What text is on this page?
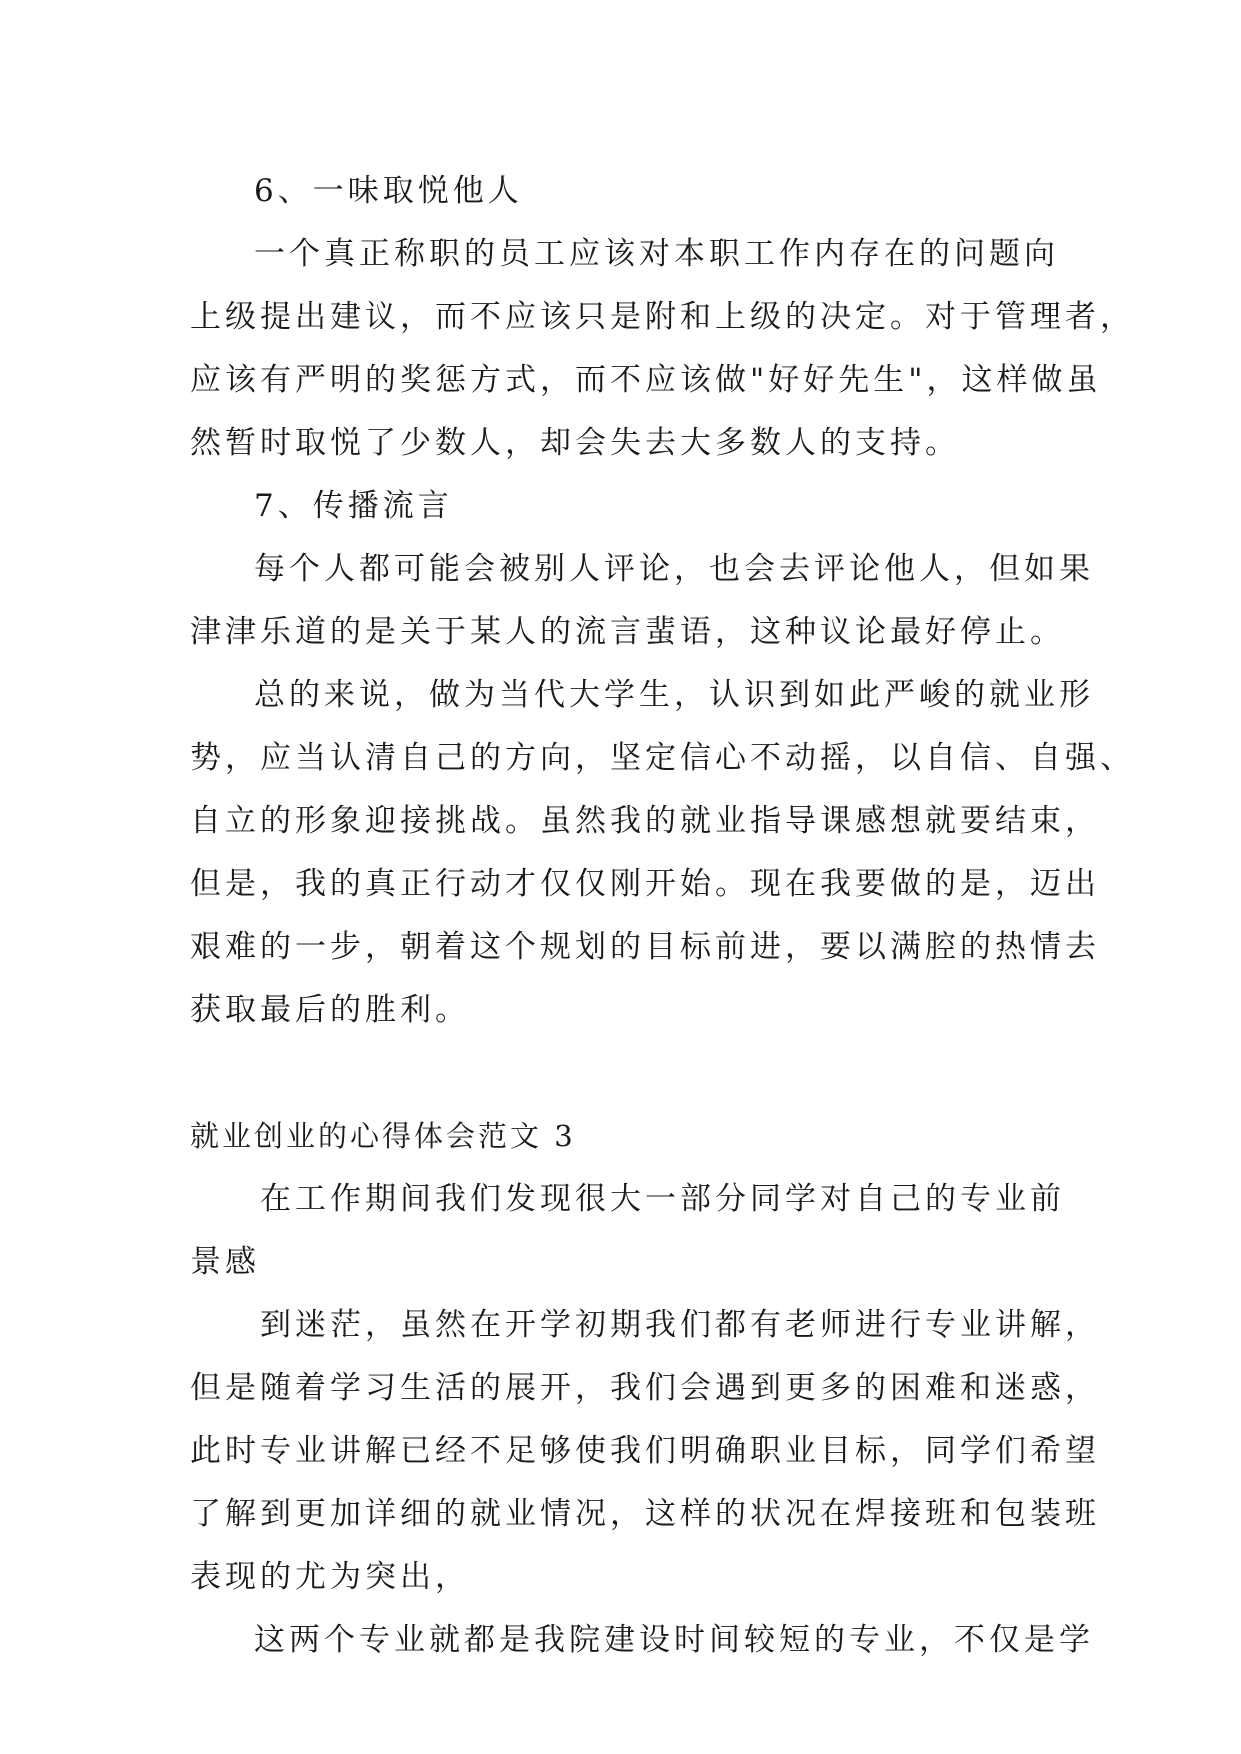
6、一味取悦他人
一个真正称职的员工应该对本职工作内存在的问题向
上级提出建议，而不应该只是附和上级的决定。对于管理者，
应该有严明的奖惩方式，而不应该做"好好先生"，这样做虽
然暂时取悦了少数人，却会失去大多数人的支持。
7、传播流言
每个人都可能会被别人评论，也会去评论他人，但如果
津津乐道的是关于某人的流言蜚语，这种议论最好停止。
总的来说，做为当代大学生，认识到如此严峻的就业形
势，应当认清自己的方向，坚定信心不动摇，以自信、自强、
自立的形象迎接挑战。虽然我的就业指导课感想就要结束，
但是，我的真正行动才仅仅刚开始。现在我要做的是，迈出
艰难的一步，朝着这个规划的目标前进，要以满腔的热情去
获取最后的胜利。
就业创业的心得体会范文 3
在工作期间我们发现很大一部分同学对自己的专业前
景感
到迷茫，虽然在开学初期我们都有老师进行专业讲解，
但是随着学习生活的展开，我们会遇到更多的困难和迷惑，
此时专业讲解已经不足够使我们明确职业目标，同学们希望
了解到更加详细的就业情况，这样的状况在焊接班和包装班
表现的尤为突出，
这两个专业就都是我院建设时间较短的专业，不仅是学
